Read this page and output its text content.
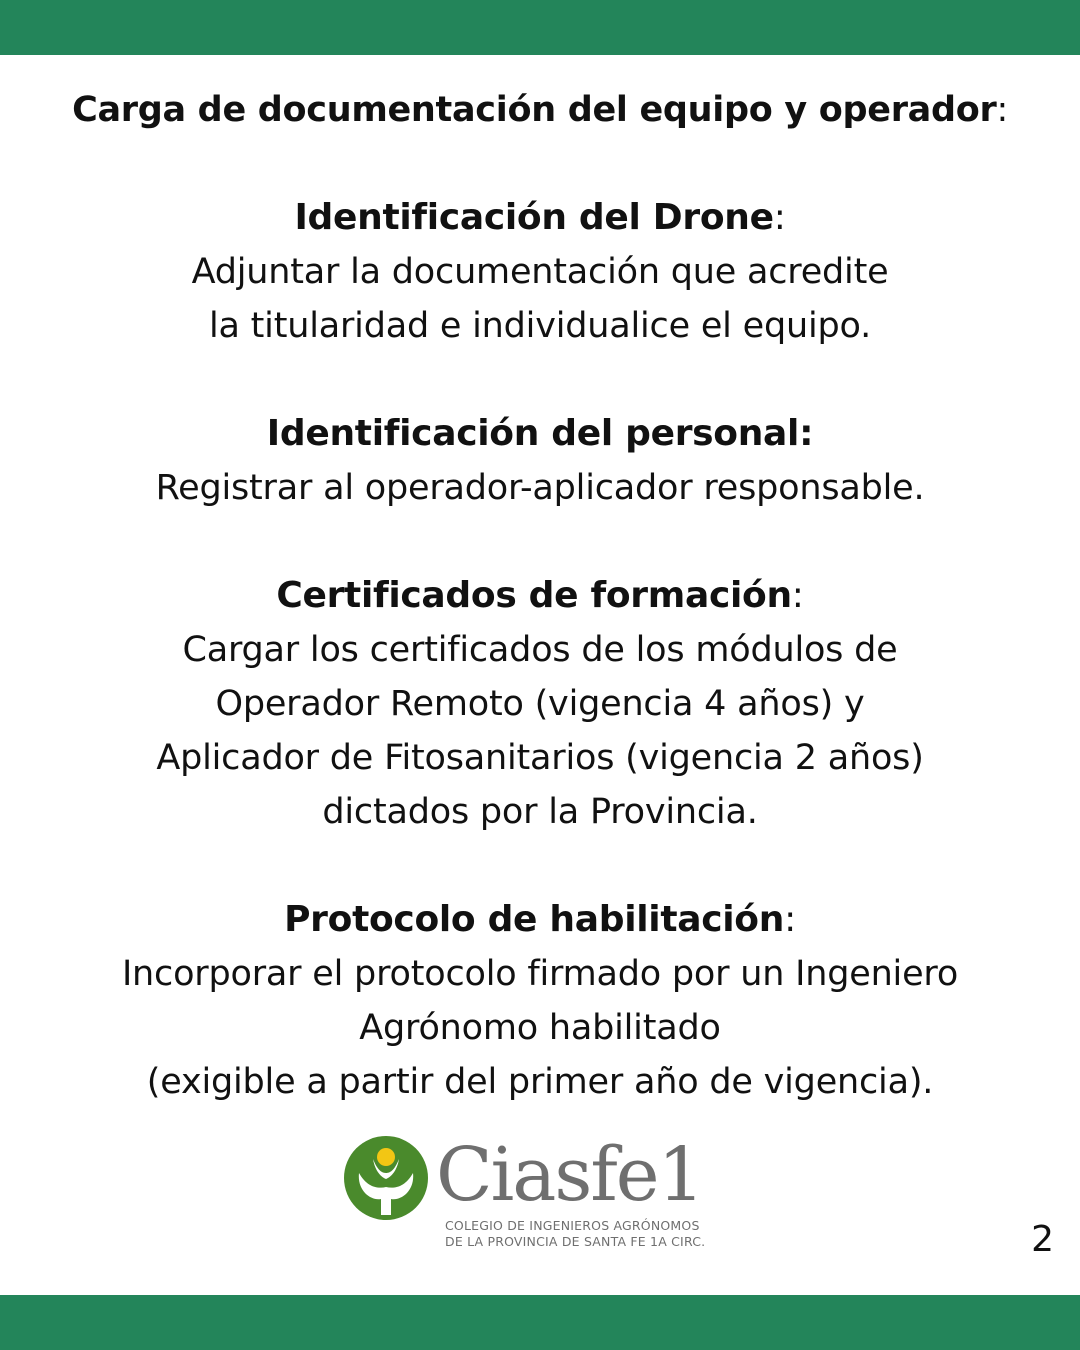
Carga de documentación del equipo y operador:
Identificación del Drone:
Adjuntar la documentación que acredite
la titularidad e individualice el equipo.
Identificación del personal:
Registrar al operador-aplicador responsable.
Certificados de formación:
Cargar los certificados de los módulos de
Operador Remoto (vigencia 4 años) y
Aplicador de Fitosanitarios (vigencia 2 años)
dictados por la Provincia.
Protocolo de habilitación:
Incorporar el protocolo firmado por un Ingeniero
Agrónomo habilitado
(exigible a partir del primer año de vigencia).
Ciasfe1
COLEGIO DE INGENIEROS AGRÓNOMOS
DE LA PROVINCIA DE SANTA FE 1A CIRC.	2
